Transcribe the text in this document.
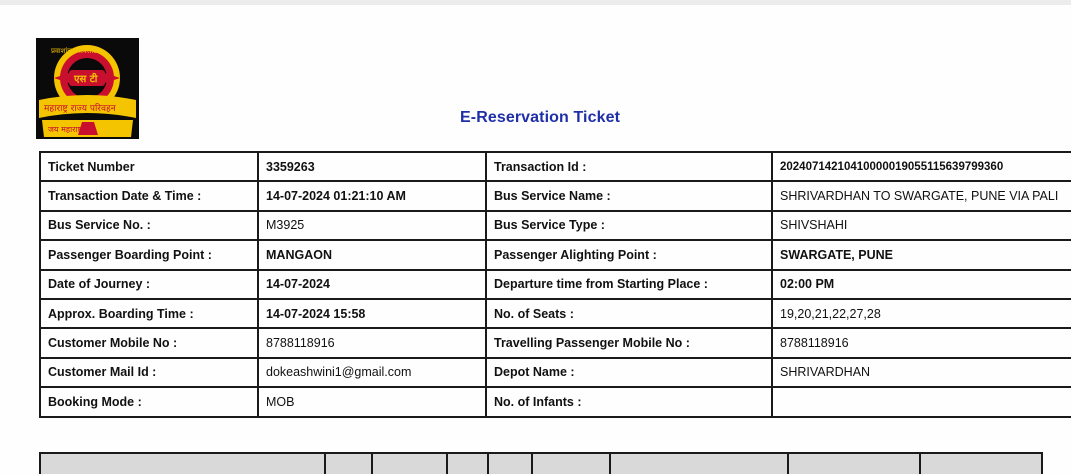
प्रवाशांच्या सेवेसाठी
एस टी
महाराष्ट्र राज्य परिवहन
जय महाराष्ट्र
E-Reservation Ticket
Ticket Number	3359263	Transaction Id :	202407142104100000190551156397993​60
Transaction Date & Time :	14-07-2024 01:21:10 AM	Bus Service Name :	SHRIVARDHAN TO SWARGATE, PUNE VIA PALI
Bus Service No. :	M3925	Bus Service Type :	SHIVSHAHI
Passenger Boarding Point :	MANGAON	Passenger Alighting Point :	SWARGATE, PUNE
Date of Journey :	14-07-2024	Departure time from Starting Place :	02:00 PM
Approx. Boarding Time :	14-07-2024 15:58	No. of Seats :	19,20,21,22,27,28
Customer Mobile No :	8788118916	Travelling Passenger Mobile No :	8788118916
Customer Mail Id :	dokeashwini1@gmail.com	Depot Name :	SHRIVARDHAN
Booking Mode :	MOB	No. of Infants :	
